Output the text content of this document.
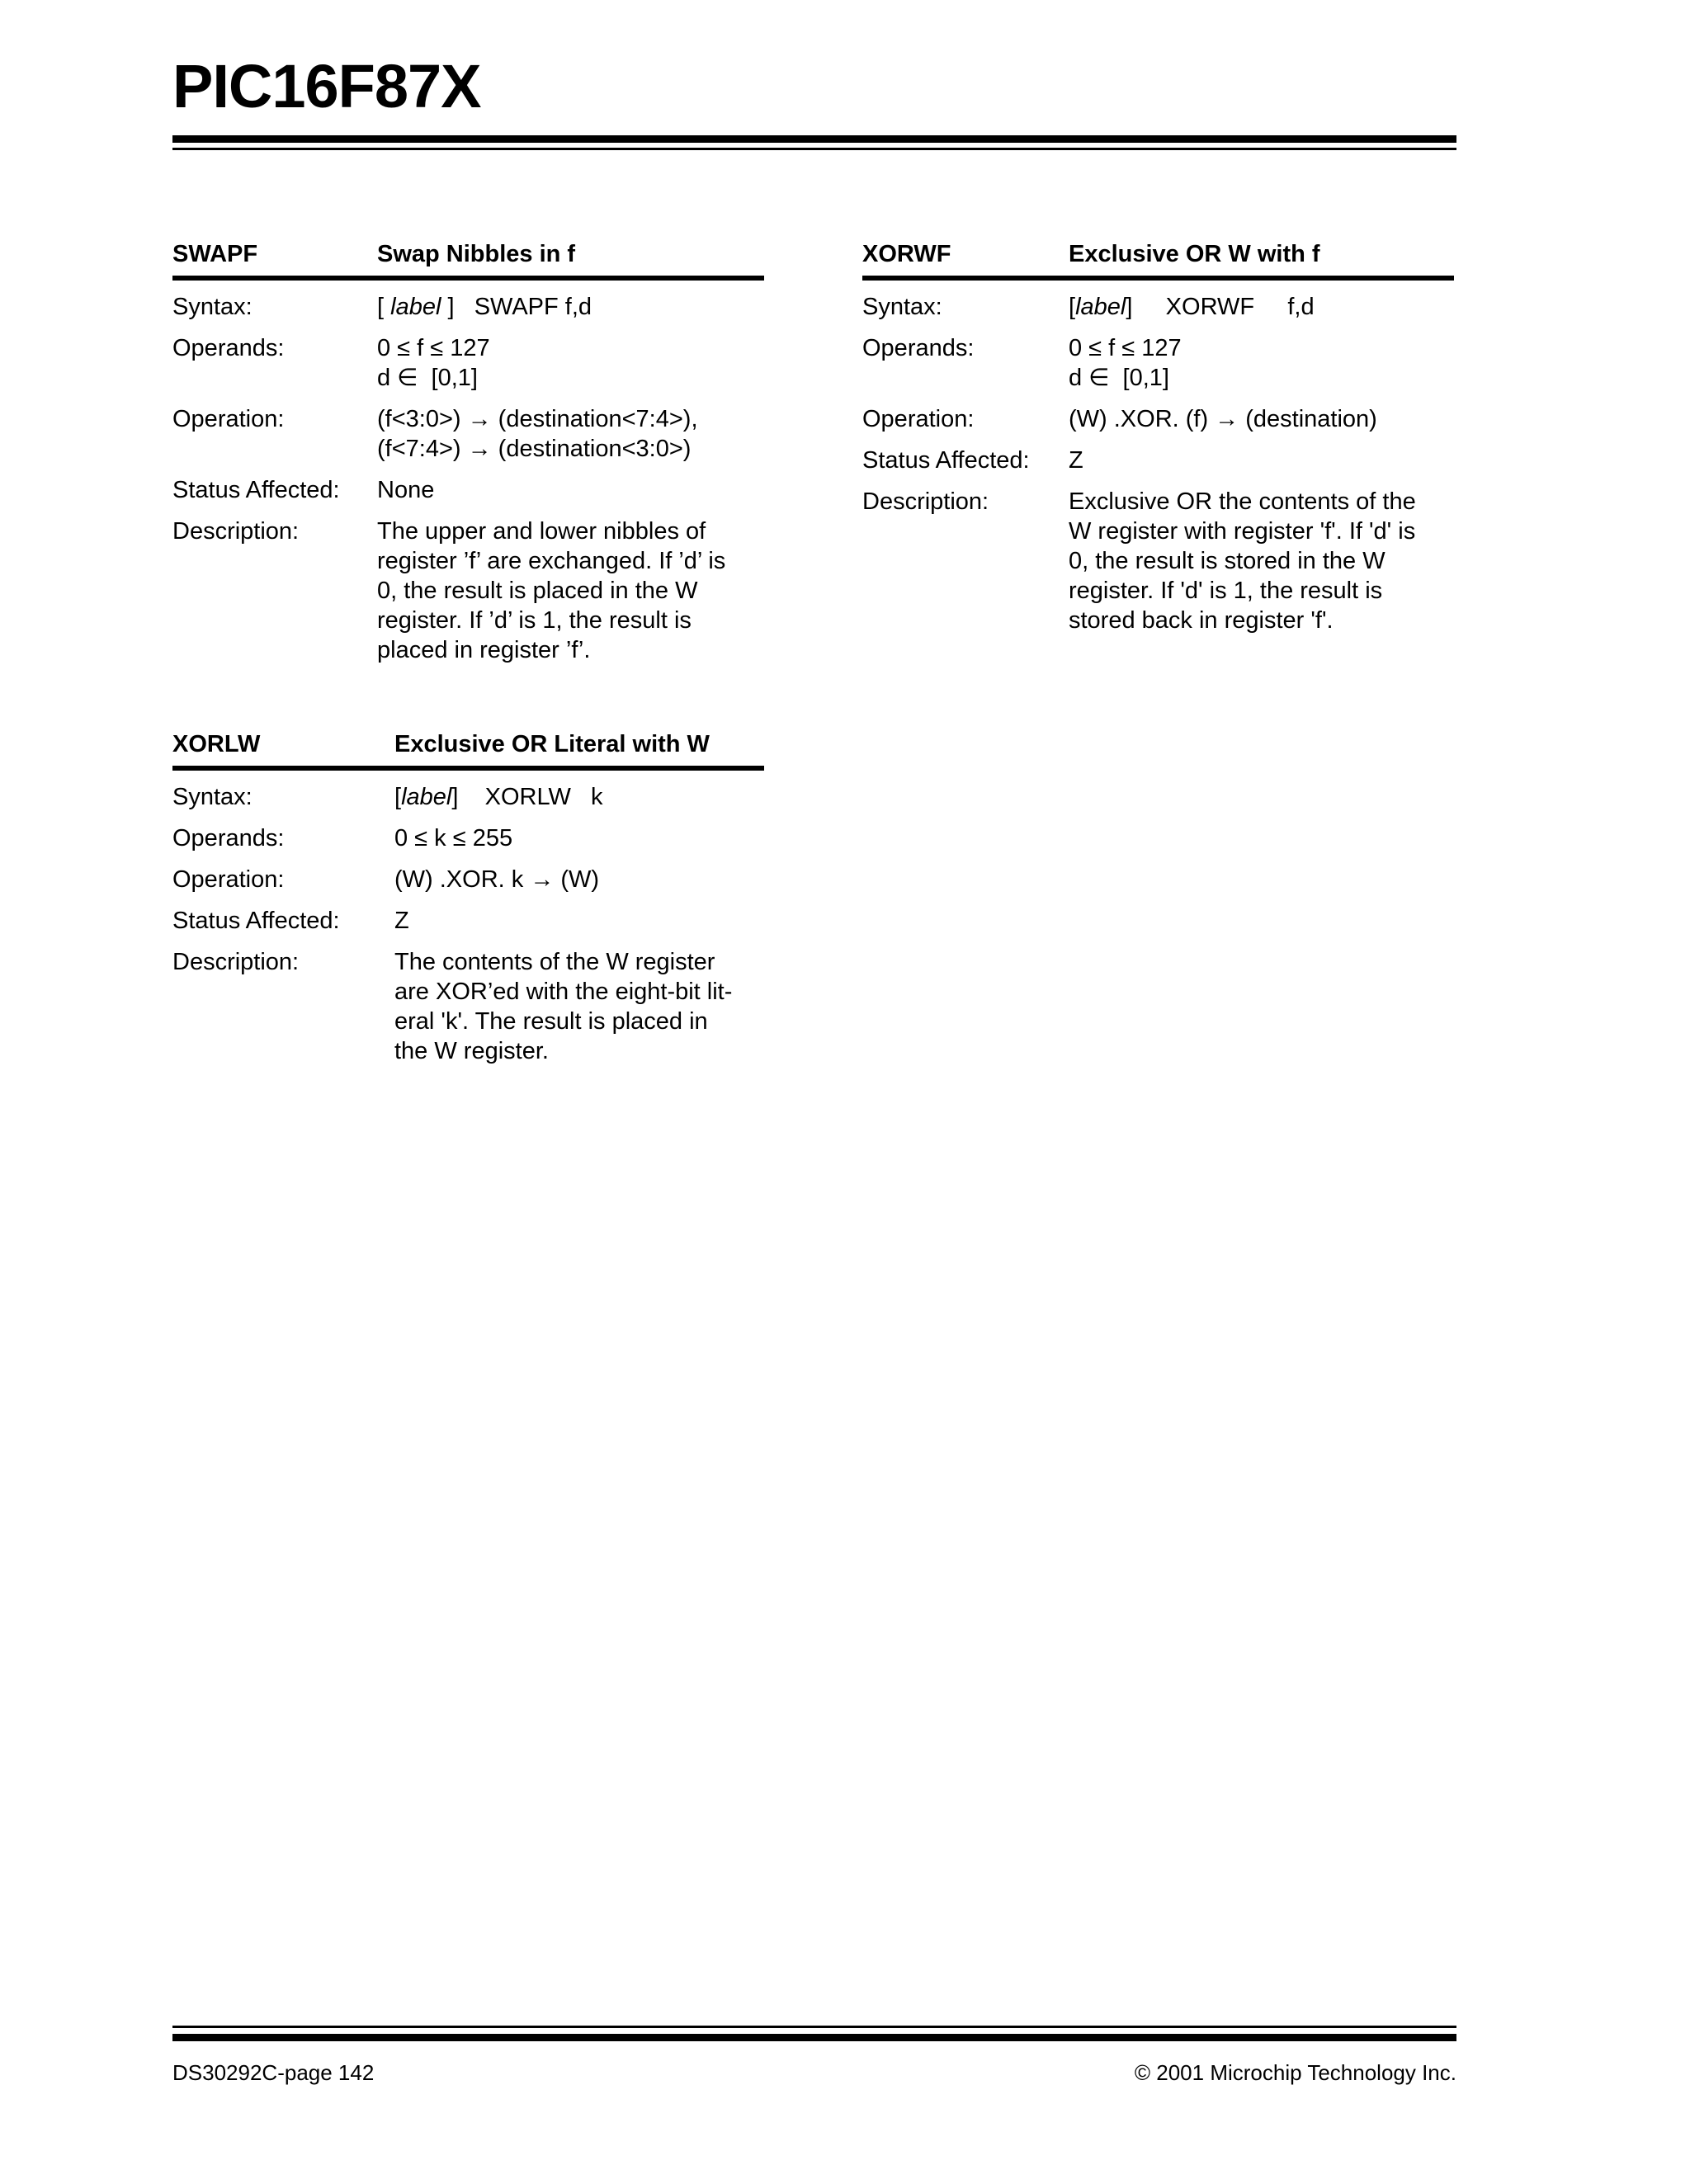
PIC16F87X
SWAPF	Swap Nibbles in f
Syntax:	[ label ]   SWAPF f,d
Operands:	0 ≤ f ≤ 127
d ∈  [0,1]
Operation:	(f<3:0>) → (destination<7:4>),
(f<7:4>) → (destination<3:0>)
Status Affected:	None
Description:	The upper and lower nibbles of
register ’f’ are exchanged. If ’d’ is
0, the result is placed in the W
register. If ’d’ is 1, the result is
placed in register ’f’.
XORWF	Exclusive OR W with f
Syntax:	[label]     XORWF     f,d
Operands:	0 ≤ f ≤ 127
d ∈  [0,1]
Operation:	(W) .XOR. (f) → (destination)
Status Affected:	Z
Description:	Exclusive OR the contents of the
W register with register 'f'. If 'd' is
0, the result is stored in the W
register. If 'd' is 1, the result is
stored back in register 'f'.
XORLW	Exclusive OR Literal with W
Syntax:	[label]    XORLW   k
Operands:	0 ≤ k ≤ 255
Operation:	(W) .XOR. k → (W)
Status Affected:	Z
Description:	The contents of the W register
are XOR’ed with the eight-bit lit-
eral 'k'. The result is placed in
the W register.
DS30292C-page 142	© 2001 Microchip Technology Inc.
